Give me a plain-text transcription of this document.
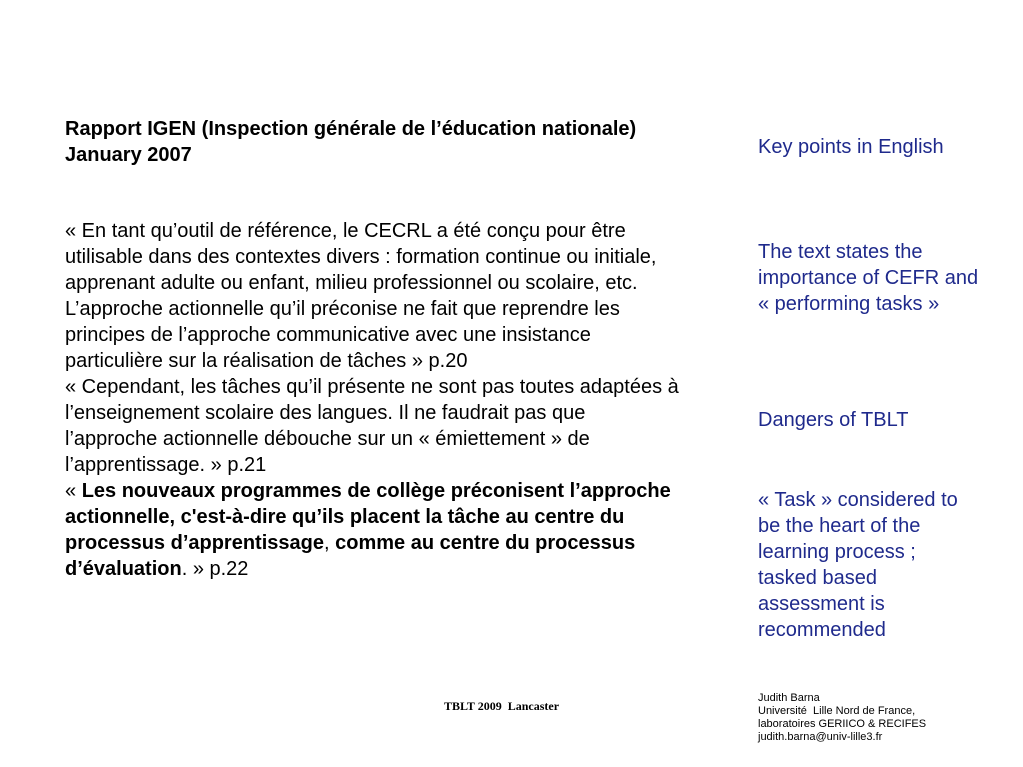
Rapport IGEN (Inspection générale de l’éducation nationale) January 2007

« En tant qu’outil de référence, le CECRL a été conçu pour être utilisable dans des contextes divers : formation continue ou initiale, apprenant adulte ou enfant, milieu professionnel ou scolaire, etc. L’approche actionnelle qu’il préconise ne fait que reprendre les principes de l’approche communicative avec une insistance particulière sur la réalisation de tâches » p.20

« Cependant, les tâches qu’il présente ne sont pas toutes adaptées à l’enseignement scolaire des langues. Il ne faudrait pas que l’approche actionnelle débouche sur un « émiettement » de l’apprentissage. » p.21

« Les nouveaux programmes de collège préconisent l’approche actionnelle, c'est-à-dire qu’ils placent la tâche au centre du processus d’apprentissage, comme au centre du processus d’évaluation. » p.22

Key points in English
The text states the importance of CEFR and « performing tasks »
Dangers of TBLT
« Task » considered to be the heart of the learning process ; tasked based assessment is recommended
TBLT 2009  Lancaster
Judith Barna
Université  Lille Nord de France,
laboratoires GERIICO & RECIFES
judith.barna@univ-lille3.fr
